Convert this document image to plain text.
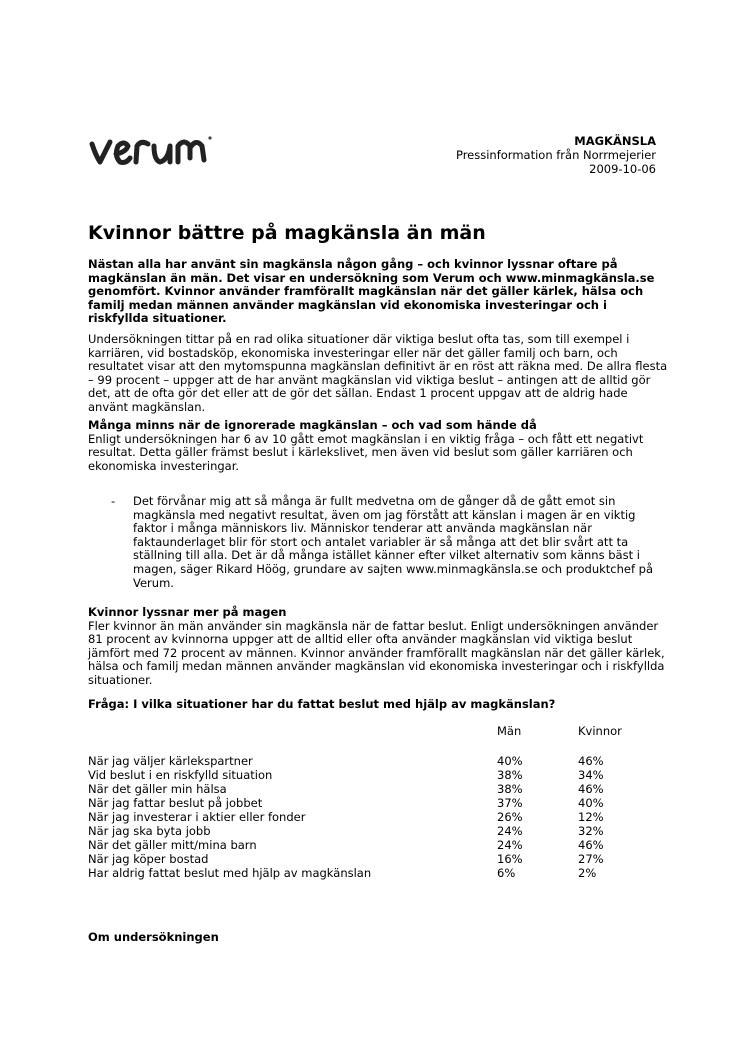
MAGKÄNSLA
Pressinformation från Norrmejerier
2009-10-06
Kvinnor bättre på magkänsla än män
Nästan alla har använt sin magkänsla någon gång – och kvinnor lyssnar oftare på magkänslan än män. Det visar en undersökning som Verum och www.minmagkänsla.se genomfört. Kvinnor använder framförallt magkänslan när det gäller kärlek, hälsa och familj medan männen använder magkänslan vid ekonomiska investeringar och i riskfyllda situationer.
Undersökningen tittar på en rad olika situationer där viktiga beslut ofta tas, som till exempel i karriären, vid bostadsköp, ekonomiska investeringar eller när det gäller familj och barn, och resultatet visar att den mytomspunna magkänslan definitivt är en röst att räkna med. De allra flesta – 99 procent – uppger att de har använt magkänslan vid viktiga beslut – antingen att de alltid gör det, att de ofta gör det eller att de gör det sällan. Endast 1 procent uppgav att de aldrig hade använt magkänslan.
Många minns när de ignorerade magkänslan – och vad som hände då
Enligt undersökningen har 6 av 10 gått emot magkänslan i en viktig fråga – och fått ett negativt resultat. Detta gäller främst beslut i kärlekslivet, men även vid beslut som gäller karriären och ekonomiska investeringar.
- Det förvånar mig att så många är fullt medvetna om de gånger då de gått emot sin magkänsla med negativt resultat, även om jag förstått att känslan i magen är en viktig faktor i många människors liv. Människor tenderar att använda magkänslan när faktaunderlaget blir för stort och antalet variabler är så många att det blir svårt att ta ställning till alla. Det är då många istället känner efter vilket alternativ som känns bäst i magen, säger Rikard Höög, grundare av sajten www.minmagkänsla.se och produktchef på Verum.
Kvinnor lyssnar mer på magen
Fler kvinnor än män använder sin magkänsla när de fattar beslut. Enligt undersökningen använder 81 procent av kvinnorna uppger att de alltid eller ofta använder magkänslan vid viktiga beslut jämfört med 72 procent av männen. Kvinnor använder framförallt magkänslan när det gäller kärlek, hälsa och familj medan männen använder magkänslan vid ekonomiska investeringar och i riskfyllda situationer.
Fråga: I vilka situationer har du fattat beslut med hjälp av magkänslan?
Män	Kvinnor
När jag väljer kärlekspartner	40%	46%
Vid beslut i en riskfylld situation	38%	34%
När det gäller min hälsa	38%	46%
När jag fattar beslut på jobbet	37%	40%
När jag investerar i aktier eller fonder	26%	12%
När jag ska byta jobb	24%	32%
När det gäller mitt/mina barn	24%	46%
När jag köper bostad	16%	27%
Har aldrig fattat beslut med hjälp av magkänslan	6%	2%
Om undersökningen
